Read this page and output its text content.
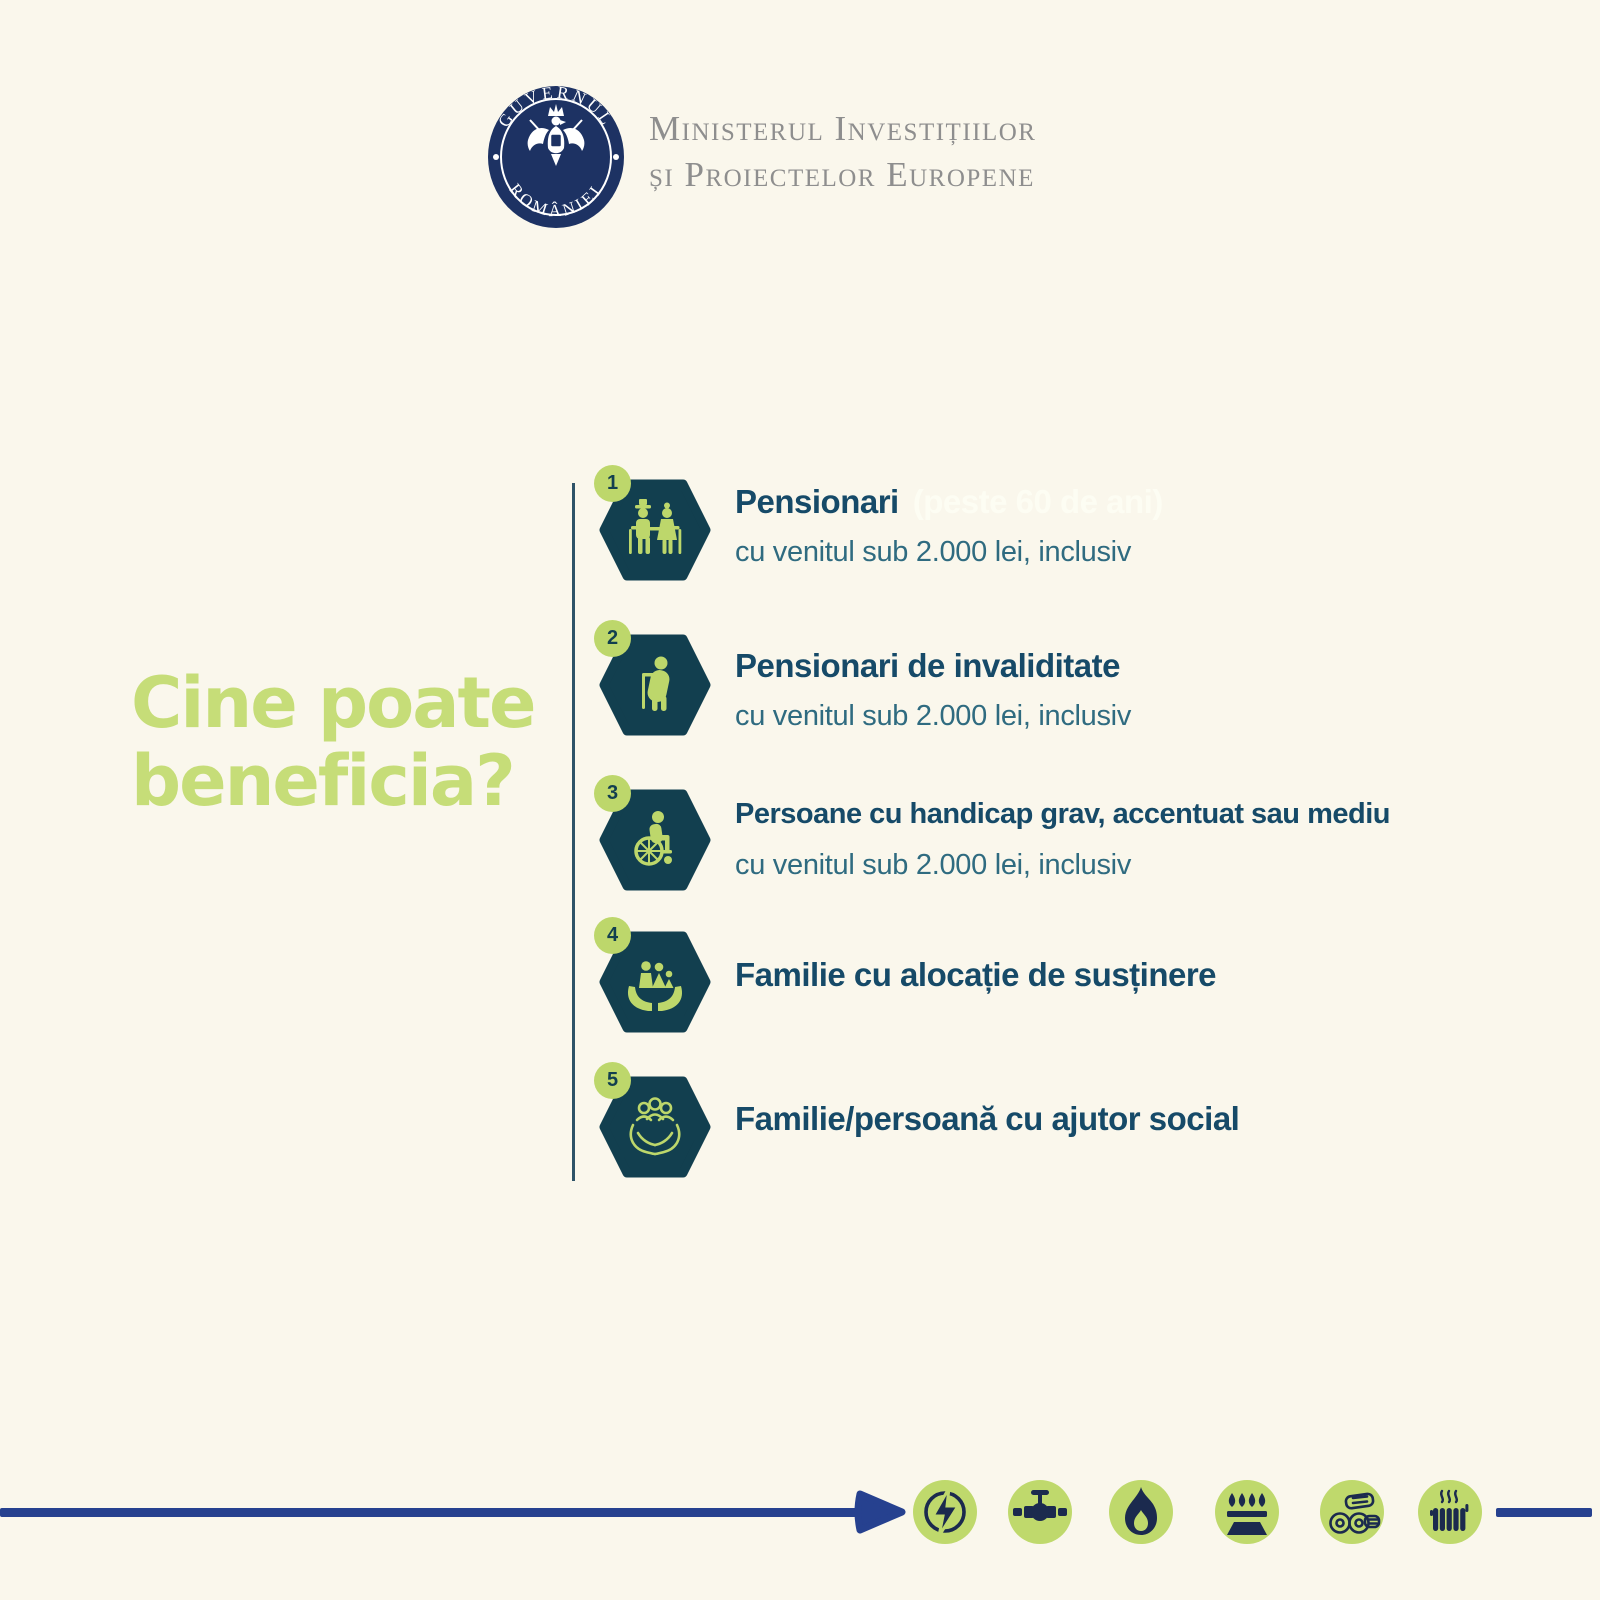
GUVERNUL
ROMÂNIEI
Ministerul Investițiilor
și Proiectelor Europene
Cine poate
beneficia?
1	Pensionari (peste 60 de ani)
cu venitul sub 2.000 lei, inclusiv
2
Pensionari de invaliditate
cu venitul sub 2.000 lei, inclusiv
3
Persoane cu handicap grav, accentuat sau mediu
cu venitul sub 2.000 lei, inclusiv
4
Familie cu alocație de susținere
5
Familie/persoană cu ajutor social
